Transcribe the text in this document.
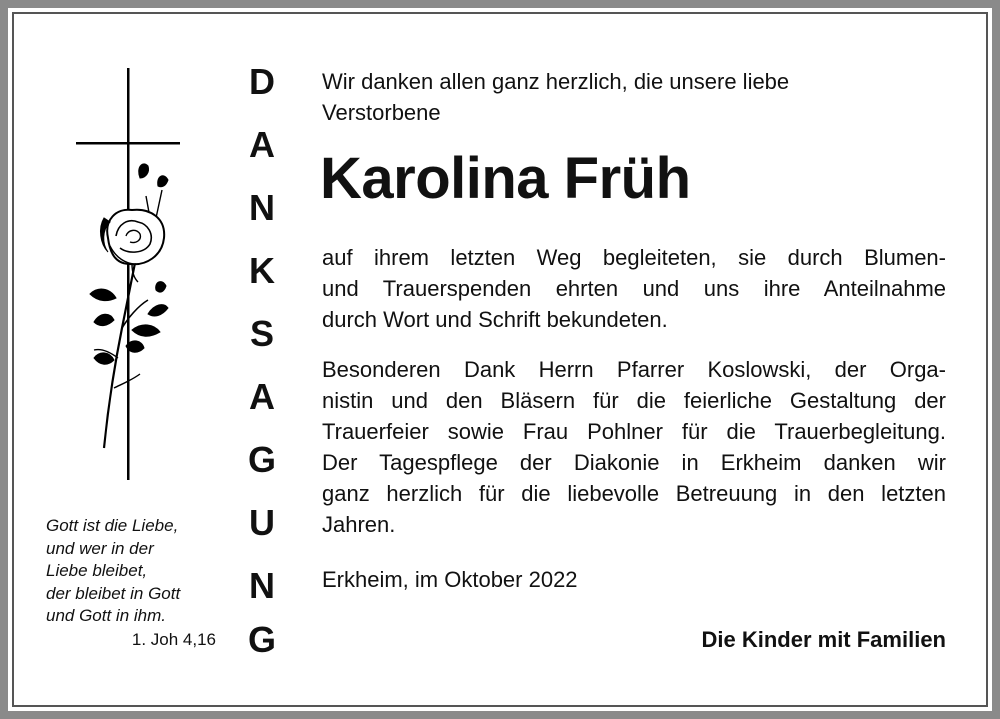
D
A
N
K
S
A
G
U
N
G
Gott ist die Liebe,
und wer in der
Liebe bleibet,
der bleibet in Gott
und Gott in ihm.
1. Joh 4,16
Wir danken allen ganz herzlich, die unsere liebe
Verstorbene
Karolina Früh
auf ihrem letzten Weg begleiteten, sie durch Blumen-
und Trauerspenden ehrten und uns ihre Anteilnahme
durch Wort und Schrift bekundeten.
Besonderen Dank Herrn Pfarrer Koslowski, der Orga-
nistin und den Bläsern für die feierliche Gestaltung der
Trauerfeier sowie Frau Pohlner für die Trauerbegleitung.
Der Tagespflege der Diakonie in Erkheim danken wir
ganz herzlich für die liebevolle Betreuung in den letzten
Jahren.
Erkheim, im Oktober 2022
Die Kinder mit Familien
